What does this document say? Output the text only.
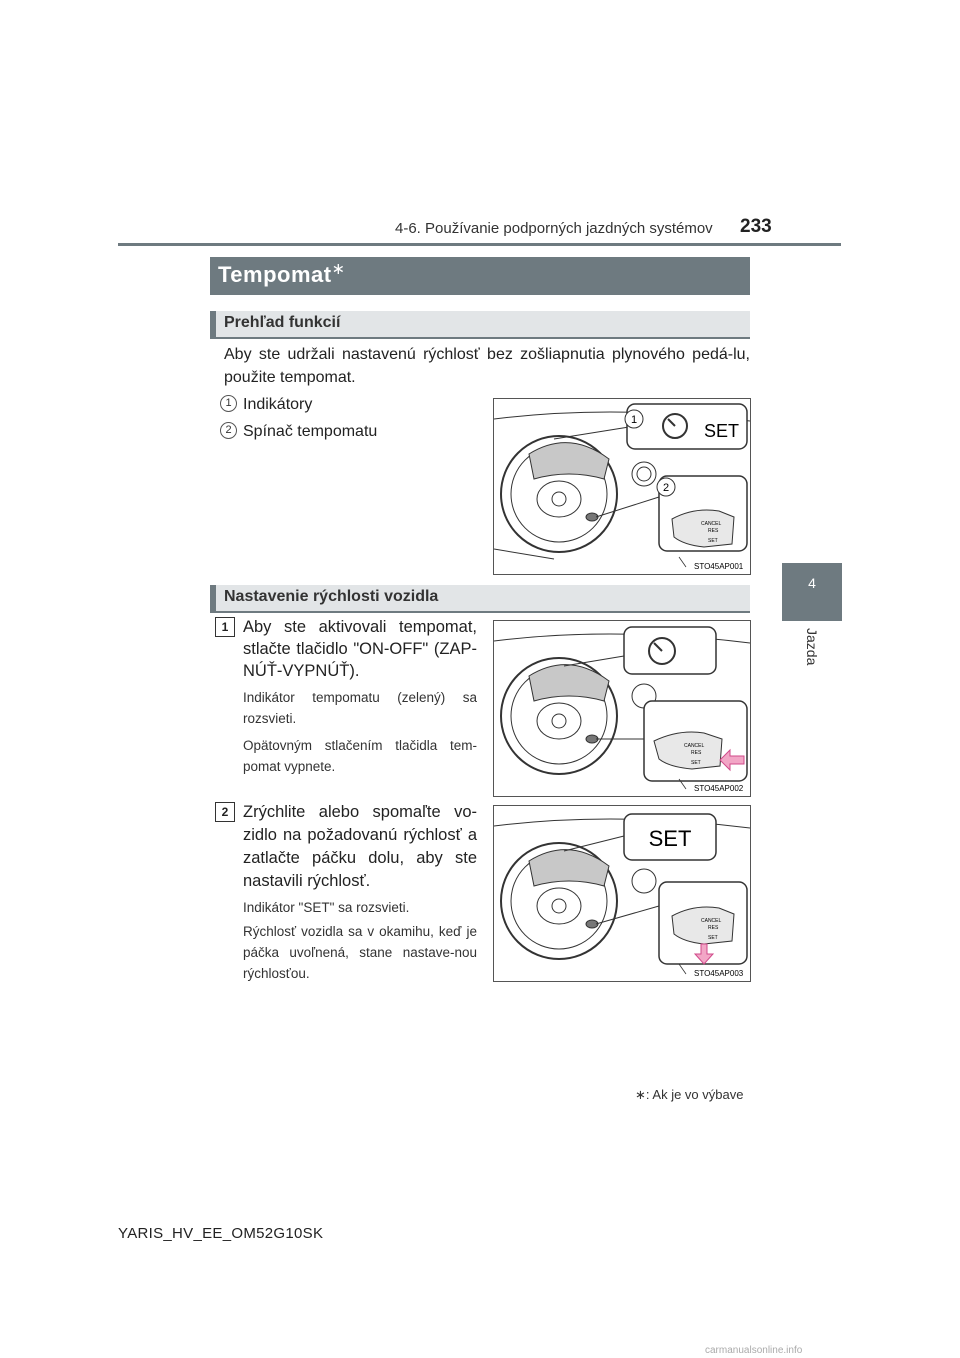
4-6. Používanie podporných jazdných systémov 233
4
Jazda
Tempomat∗
Prehľad funkcií
Aby ste udržali nastavenú rýchlosť bez zošliapnutia plynového pedá-lu, použite tempomat.
1 Indikátory
2 Spínač tempomatu
1
SET
2
CANCEL
RES
SET
STO45AP001
Nastavenie rýchlosti vozidla
1 Aby ste aktivovali tempomat, stlačte tlačidlo "ON-OFF" (ZAP-NÚŤ-VYPNÚŤ).
Indikátor tempomatu (zelený) sa rozsvieti.
Opätovným stlačením tlačidla tem-pomat vypnete.
CANCEL
RES
SET
STO45AP002
2 Zrýchlite alebo spomaľte vo-zidlo na požadovanú rýchlosť a zatlačte páčku dolu, aby ste nastavili rýchlosť.
Indikátor "SET" sa rozsvieti.
Rýchlosť vozidla sa v okamihu, keď je páčka uvoľnená, stane nastave-nou rýchlosťou.
SET
CANCEL
RES
SET
STO45AP003
∗: Ak je vo výbave
YARIS_HV_EE_OM52G10SK
carmanualsonline.info
